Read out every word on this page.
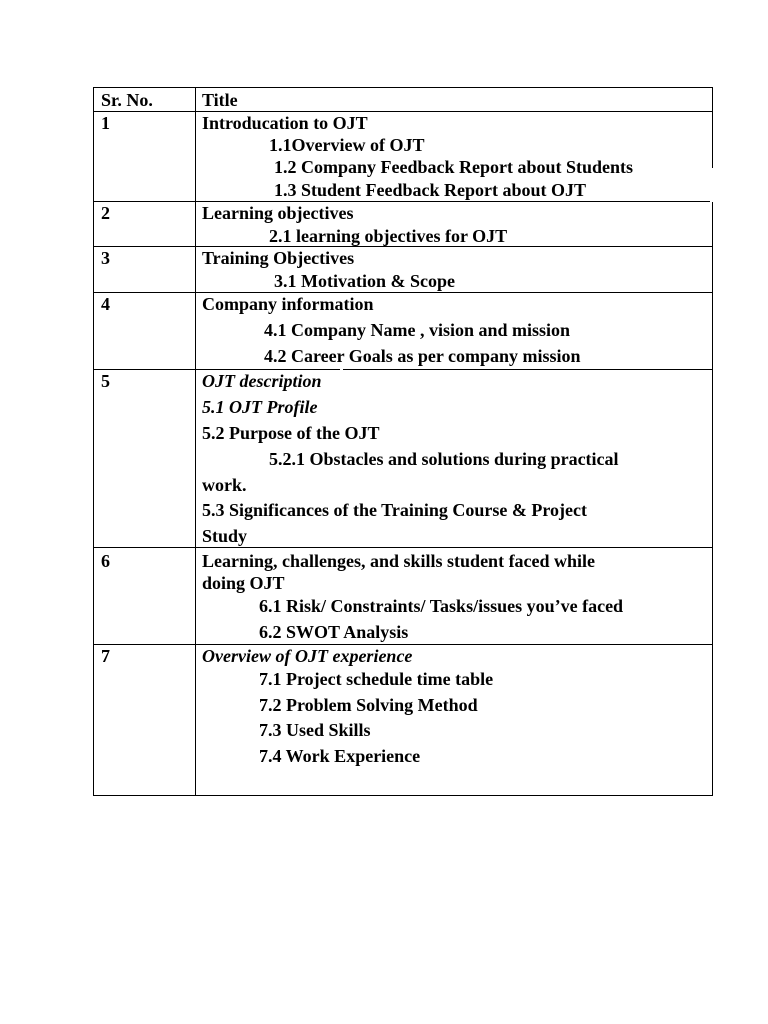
Sr. No.	Title
1	Introducation to OJT
1.1Overview of OJT
1.2 Company Feedback Report about Students
1.3 Student Feedback Report about OJT
2	Learning objectives
2.1 learning objectives for OJT
3	Training Objectives
3.1 Motivation & Scope
4	Company information
4.1 Company Name , vision and mission
4.2 Career Goals as per company mission
5	OJT description
5.1 OJT Profile
5.2 Purpose of the OJT
5.2.1 Obstacles and solutions during practical
work.
5.3 Significances of the Training Course & Project
Study
6	Learning, challenges, and skills student faced while
doing OJT
6.1 Risk/ Constraints/ Tasks/issues you’ve faced
6.2 SWOT Analysis
7	Overview of OJT experience
7.1 Project schedule time table
7.2 Problem Solving Method
7.3 Used Skills
7.4 Work Experience
